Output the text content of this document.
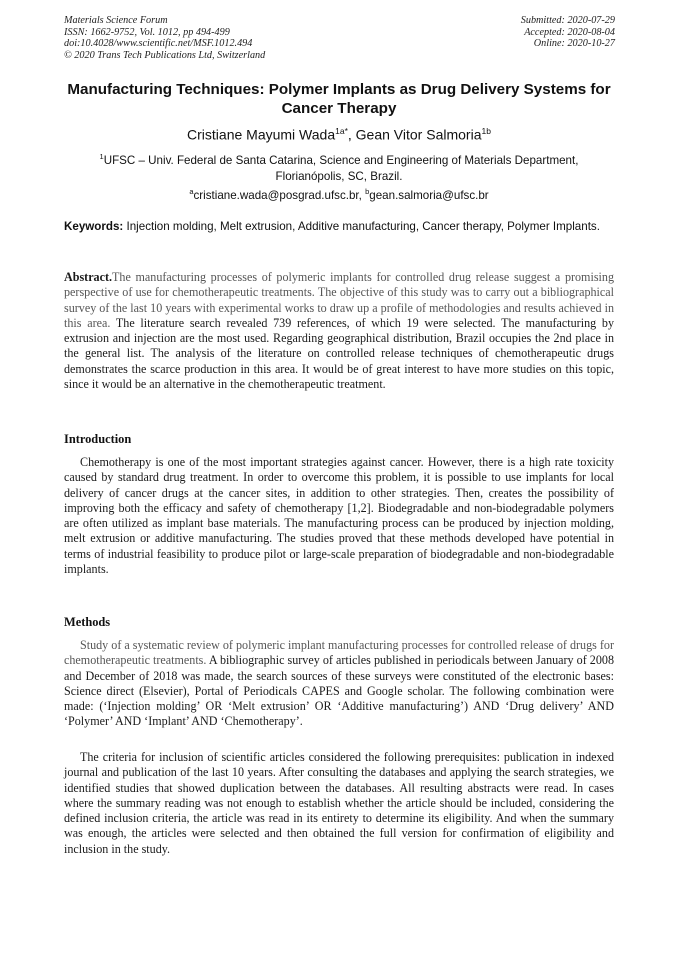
Materials Science Forum
ISSN: 1662-9752, Vol. 1012, pp 494-499
doi:10.4028/www.scientific.net/MSF.1012.494
© 2020 Trans Tech Publications Ltd, Switzerland
Submitted: 2020-07-29
Accepted: 2020-08-04
Online: 2020-10-27
Manufacturing Techniques: Polymer Implants as Drug Delivery Systems for Cancer Therapy
Cristiane Mayumi Wada$^{1a*}$, Gean Vitor Salmoria$^{1b}$
$^1$UFSC – Univ. Federal de Santa Catarina, Science and Engineering of Materials Department, Florianópolis, SC, Brazil.
$^a$cristiane.wada@posgrad.ufsc.br, $^b$gean.salmoria@ufsc.br
Keywords: Injection molding, Melt extrusion, Additive manufacturing, Cancer therapy, Polymer Implants.
Abstract.The manufacturing processes of polymeric implants for controlled drug release suggest a promising perspective of use for chemotherapeutic treatments. The objective of this study was to carry out a bibliographical survey of the last 10 years with experimental works to draw up a profile of methodologies and results achieved in this area. The literature search revealed 739 references, of which 19 were selected. The manufacturing by extrusion and injection are the most used. Regarding geographical distribution, Brazil occupies the 2nd place in the general list. The analysis of the literature on controlled release techniques of chemotherapeutic drugs demonstrates the scarce production in this area. It would be of great interest to have more studies on this topic, since it would be an alternative in the chemotherapeutic treatment.
Introduction
Chemotherapy is one of the most important strategies against cancer. However, there is a high rate toxicity caused by standard drug treatment. In order to overcome this problem, it is possible to use implants for local delivery of cancer drugs at the cancer sites, in addition to other strategies. Then, creates the possibility of improving both the efficacy and safety of chemotherapy [1,2]. Biodegradable and non-biodegradable polymers are often utilized as implant base materials. The manufacturing process can be produced by injection molding, melt extrusion or additive manufacturing. The studies proved that these methods developed have potential in terms of industrial feasibility to produce pilot or large-scale preparation of biodegradable and non-biodegradable implants.
Methods
Study of a systematic review of polymeric implant manufacturing processes for controlled release of drugs for chemotherapeutic treatments. A bibliographic survey of articles published in periodicals between January of 2008 and December of 2018 was made, the search sources of these surveys were constituted of the electronic bases: Science direct (Elsevier), Portal of Periodicals CAPES and Google scholar. The following combination were made: (‘Injection molding’ OR ‘Melt extrusion’ OR ‘Additive manufacturing’) AND ‘Drug delivery’ AND ‘Polymer’ AND ‘Implant’ AND ‘Chemotherapy’.
The criteria for inclusion of scientific articles considered the following prerequisites: publication in indexed journal and publication of the last 10 years. After consulting the databases and applying the search strategies, we identified studies that showed duplication between the databases. All resulting abstracts were read. In cases where the summary reading was not enough to establish whether the article should be included, considering the defined inclusion criteria, the article was read in its entirety to determine its eligibility. And when the summary was enough, the articles were selected and then obtained the full version for confirmation of eligibility and inclusion in the study.
